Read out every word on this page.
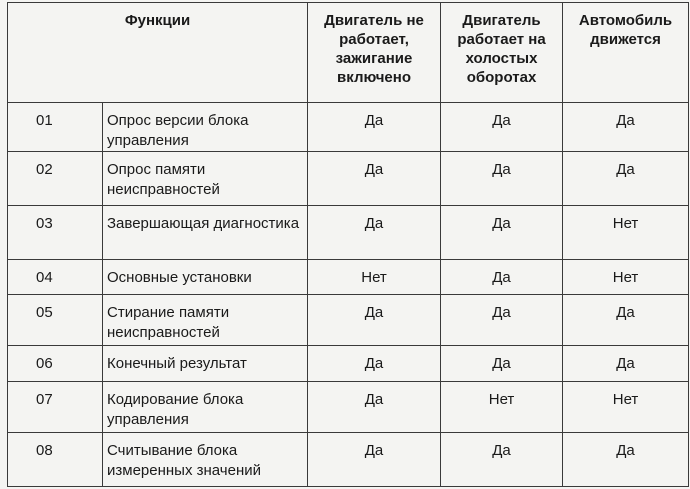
Функции		Двигатель не работает, зажигание включено	Двигатель работает на холостых оборотах	Автомобиль движется
01	Опрос версии блока управления	Да	Да	Да
02	Опрос памяти неисправностей	Да	Да	Да
03	Завершающая диагностика	Да	Да	Нет
04	Основные установки	Нет	Да	Нет
05	Стирание памяти неисправностей	Да	Да	Да
06	Конечный результат	Да	Да	Да
07	Кодирование блока управления	Да	Нет	Нет
08	Считывание блока измеренных значений	Да	Да	Да
